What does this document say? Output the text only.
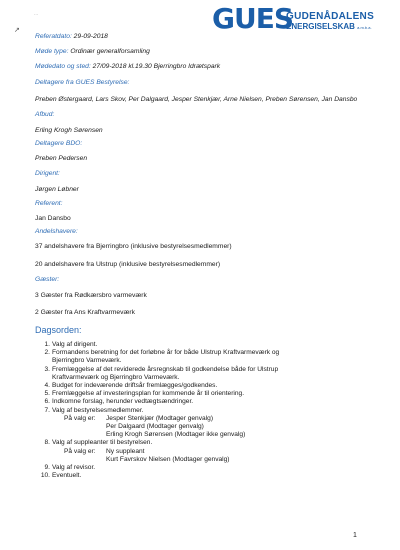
...
↗	GUES
GUDENÅDALENS
ENERGISELSKAB a.m.b.a.
Referatdato: 29-09-2018
Møde type: Ordinær generalforsamling
Mødedato og sted: 27/09-2018 kl.19.30 Bjerringbro Idrætspark
Deltagere fra GUES Bestyrelse:
Preben Østergaard, Lars Skov, Per Dalgaard, Jesper Stenkjær, Arne Nielsen, Preben Sørensen, Jan Dansbo
Afbud:
Erling Krogh Sørensen
Deltagere BDO:
Preben Pedersen
Dirigent:
Jørgen Løbner
Referent:
Jan Dansbo
Andelshavere:
37 andelshavere fra Bjerringbro (inklusive bestyrelsesmedlemmer)
20 andelshavere fra Ulstrup (inklusive bestyrelsesmedlemmer)
Gæster:
3 Gæster fra Rødkærsbro varmeværk
2 Gæster fra Ans Kraftvarmeværk
Dagsorden:
1. Valg af dirigent.
2. Formandens beretning for det forløbne år for både Ulstrup Kraftvarmeværk og
Bjerringbro Varmeværk.
3. Fremlæggelse af det reviderede årsregnskab til godkendelse både for Ulstrup
Kraftvarmeværk og Bjerringbro Varmeværk.
4. Budget for indeværende driftsår fremlægges/godkendes.
5. Fremlæggelse af investeringsplan for kommende år til orientering.
6. Indkomne forslag, herunder vedtægtsændringer.
7. Valg af bestyrelsesmedlemmer.
På valg er: Jesper Stenkjær (Modtager genvalg)
Per Dalgaard (Modtager genvalg)
Erling Krogh Sørensen (Modtager ikke genvalg)
8. Valg af suppleanter til bestyrelsen.
På valg er: Ny suppleant
Kurt Favrskov Nielsen (Modtager genvalg)
9. Valg af revisor.
10. Eventuelt.
1
